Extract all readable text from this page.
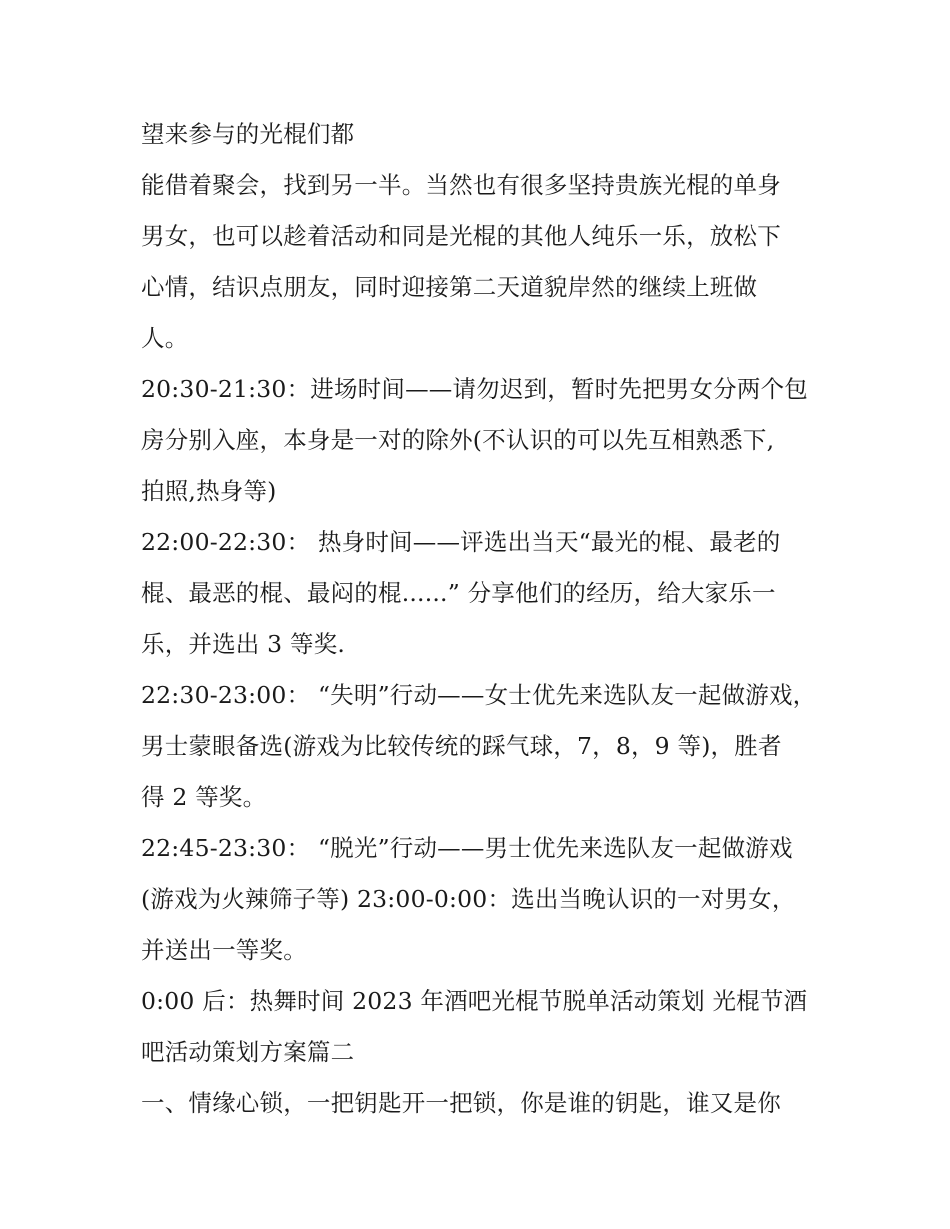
望来参与的光棍们都
能借着聚会，找到另一半。当然也有很多坚持贵族光棍的单身
男女，也可以趁着活动和同是光棍的其他人纯乐一乐，放松下
心情，结识点朋友，同时迎接第二天道貌岸然的继续上班做
人。
20:30-21:30：进场时间——请勿迟到，暂时先把男女分两个包
房分别入座，本身是一对的除外(不认识的可以先互相熟悉下,
拍照,热身等)
22:00-22:30： 热身时间——评选出当天“最光的棍、最老的
棍、最恶的棍、最闷的棍......” 分享他们的经历，给大家乐一
乐，并选出 3 等奖.
22:30-23:00： “失明”行动——女士优先来选队友一起做游戏，
男士蒙眼备选(游戏为比较传统的踩气球，7，8，9 等)，胜者
得 2 等奖。
22:45-23:30： “脱光”行动——男士优先来选队友一起做游戏
(游戏为火辣筛子等) 23:00-0:00：选出当晚认识的一对男女，
并送出一等奖。
0:00 后：热舞时间 2023 年酒吧光棍节脱单活动策划 光棍节酒
吧活动策划方案篇二
一、情缘心锁，一把钥匙开一把锁，你是谁的钥匙，谁又是你
